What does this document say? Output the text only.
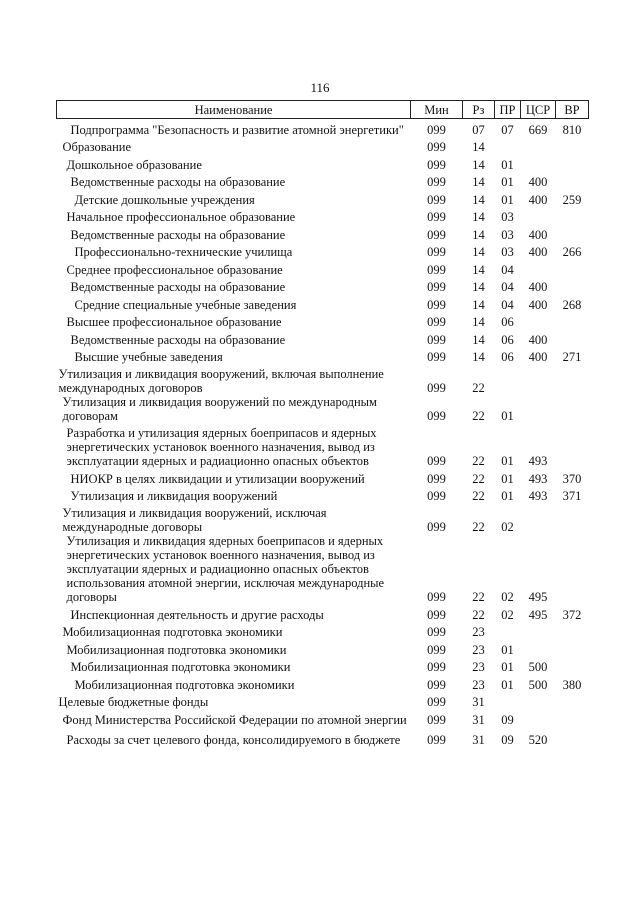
116
Наименование	Мин	Рз	ПР	ЦСР	ВР
Подпрограмма "Безопасность и развитие атомной энергетики"	099	07	07	669	810
Образование	099	14			
Дошкольное образование	099	14	01		
Ведомственные расходы на образование	099	14	01	400	
Детские дошкольные учреждения	099	14	01	400	259
Начальное профессиональное образование	099	14	03		
Ведомственные расходы на образование	099	14	03	400	
Профессионально-технические училища	099	14	03	400	266
Среднее профессиональное образование	099	14	04		
Ведомственные расходы на образование	099	14	04	400	
Средние специальные учебные заведения	099	14	04	400	268
Высшее профессиональное образование	099	14	06		
Ведомственные расходы на образование	099	14	06	400	
Высшие учебные заведения	099	14	06	400	271
Утилизация и ликвидация вооружений, включая выполнение международных договоров	099	22			
Утилизация и ликвидация вооружений по международным договорам	099	22	01		
Разработка и утилизация ядерных боеприпасов и ядерных энергетических установок военного назначения, вывод из эксплуатации ядерных и радиационно опасных объектов	099	22	01	493	
НИОКР в целях ликвидации и утилизации вооружений	099	22	01	493	370
Утилизация и ликвидация вооружений	099	22	01	493	371
Утилизация и ликвидация вооружений, исключая международные договоры	099	22	02		
Утилизация и ликвидация ядерных боеприпасов и ядерных энергетических установок военного назначения, вывод из эксплуатации ядерных и радиационно опасных объектов использования атомной энергии, исключая международные договоры	099	22	02	495	
Инспекционная деятельность и другие расходы	099	22	02	495	372
Мобилизационная подготовка экономики	099	23			
Мобилизационная подготовка экономики	099	23	01		
Мобилизационная подготовка экономики	099	23	01	500	
Мобилизационная подготовка экономики	099	23	01	500	380
Целевые бюджетные фонды	099	31			
Фонд Министерства Российской Федерации по атомной энергии	099	31	09		
Расходы за счет целевого фонда, консолидируемого в бюджете	099	31	09	520	
